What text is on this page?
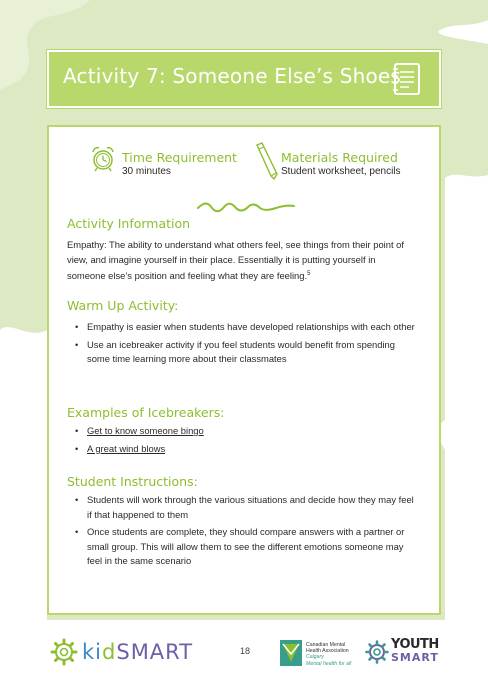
Activity 7: Someone Else’s Shoes
Time Requirement
30 minutes
Materials Required
Student worksheet, pencils
Activity Information
Empathy: The ability to understand what others feel, see things from their point of
view, and imagine yourself in their place. Essentially it is putting yourself in
someone else’s position and feeling what they are feeling.$^5$
Warm Up Activity:
• Empathy is easier when students have developed relationships with each other
• Use an icebreaker activity if you feel students would benefit from spending some time learning more about their classmates
Examples of Icebreakers:
• Get to know someone bingo
• A great wind blows
Student Instructions:
• Students will work through the various situations and decide how they may feel if that happened to them
• Once students are complete, they should compare answers with a partner or small group. This will allow them to see the different emotions someone may feel in the same scenario
kidSMART	18
Canadian Mental
Health Association
Calgary
Mental health for all
YOUTH
SMART
